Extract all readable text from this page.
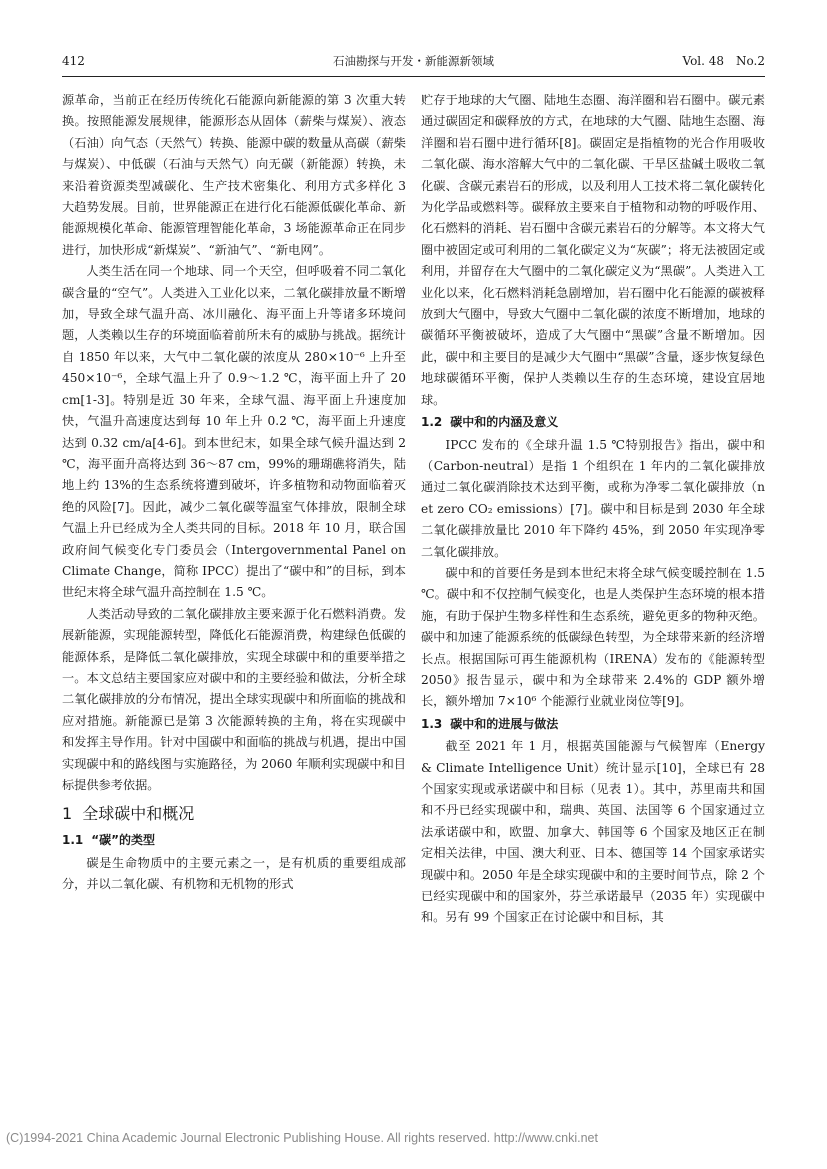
412	石油勘探与开发・新能源新领域	Vol. 48　No.2

源革命，当前正在经历传统化石能源向新能源的第 3 次重大转换。按照能源发展规律，能源形态从固体（薪柴与煤炭）、液态（石油）向气态（天然气）转换、能源中碳的数量从高碳（薪柴与煤炭）、中低碳（石油与天然气）向无碳（新能源）转换，未来沿着资源类型减碳化、生产技术密集化、利用方式多样化 3 大趋势发展。目前，世界能源正在进行化石能源低碳化革命、新能源规模化革命、能源管理智能化革命，3 场能源革命正在同步进行，加快形成“新煤炭”、“新油气”、“新电网”。

人类生活在同一个地球、同一个天空，但呼吸着不同二氧化碳含量的“空气”。人类进入工业化以来，二氧化碳排放量不断增加，导致全球气温升高、冰川融化、海平面上升等诸多环境问题，人类赖以生存的环境面临着前所未有的威胁与挑战。据统计自 1850 年以来，大气中二氧化碳的浓度从 280×10⁻⁶ 上升至 450×10⁻⁶，全球气温上升了 0.9～1.2 ℃，海平面上升了 20 cm[1-3]。特别是近 30 年来，全球气温、海平面上升速度加快，气温升高速度达到每 10 年上升 0.2 ℃，海平面上升速度达到 0.32 cm/a[4-6]。到本世纪末，如果全球气候升温达到 2 ℃，海平面升高将达到 36～87 cm，99%的珊瑚礁将消失，陆地上约 13%的生态系统将遭到破坏，许多植物和动物面临着灭绝的风险[7]。因此，减少二氧化碳等温室气体排放，限制全球气温上升已经成为全人类共同的目标。2018 年 10 月，联合国政府间气候变化专门委员会（Intergovernmental Panel on Climate Change，简称 IPCC）提出了“碳中和”的目标，到本世纪末将全球气温升高控制在 1.5 ℃。

人类活动导致的二氧化碳排放主要来源于化石燃料消费。发展新能源，实现能源转型，降低化石能源消费，构建绿色低碳的能源体系，是降低二氧化碳排放，实现全球碳中和的重要举措之一。本文总结主要国家应对碳中和的主要经验和做法，分析全球二氧化碳排放的分布情况，提出全球实现碳中和所面临的挑战和应对措施。新能源已是第 3 次能源转换的主角，将在实现碳中和发挥主导作用。针对中国碳中和面临的挑战与机遇，提出中国实现碳中和的路线图与实施路径，为 2060 年顺利实现碳中和目标提供参考依据。

1 全球碳中和概况
1.1 “碳”的类型

碳是生命物质中的主要元素之一，是有机质的重要组成部分，并以二氧化碳、有机物和无机物的形式

贮存于地球的大气圈、陆地生态圈、海洋圈和岩石圈中。碳元素通过碳固定和碳释放的方式，在地球的大气圈、陆地生态圈、海洋圈和岩石圈中进行循环[8]。碳固定是指植物的光合作用吸收二氧化碳、海水溶解大气中的二氧化碳、干旱区盐碱土吸收二氧化碳、含碳元素岩石的形成，以及利用人工技术将二氧化碳转化为化学品或燃料等。碳释放主要来自于植物和动物的呼吸作用、化石燃料的消耗、岩石圈中含碳元素岩石的分解等。本文将大气圈中被固定或可利用的二氧化碳定义为“灰碳”；将无法被固定或利用，并留存在大气圈中的二氧化碳定义为“黑碳”。人类进入工业化以来，化石燃料消耗急剧增加，岩石圈中化石能源的碳被释放到大气圈中，导致大气圈中二氧化碳的浓度不断增加，地球的碳循环平衡被破坏，造成了大气圈中“黑碳”含量不断增加。因此，碳中和主要目的是减少大气圈中“黑碳”含量，逐步恢复绿色地球碳循环平衡，保护人类赖以生存的生态环境，建设宜居地球。

1.2 碳中和的内涵及意义

IPCC 发布的《全球升温 1.5 ℃特别报告》指出，碳中和（Carbon-neutral）是指 1 个组织在 1 年内的二氧化碳排放通过二氧化碳消除技术达到平衡，或称为净零二氧化碳排放（net zero CO₂ emissions）[7]。碳中和目标是到 2030 年全球二氧化碳排放量比 2010 年下降约 45%，到 2050 年实现净零二氧化碳排放。

碳中和的首要任务是到本世纪末将全球气候变暖控制在 1.5 ℃。碳中和不仅控制气候变化，也是人类保护生态环境的根本措施，有助于保护生物多样性和生态系统，避免更多的物种灭绝。碳中和加速了能源系统的低碳绿色转型，为全球带来新的经济增长点。根据国际可再生能源机构（IRENA）发布的《能源转型 2050》报告显示，碳中和为全球带来 2.4%的 GDP 额外增长，额外增加 7×10⁶ 个能源行业就业岗位等[9]。

1.3 碳中和的进展与做法

截至 2021 年 1 月，根据英国能源与气候智库（Energy & Climate Intelligence Unit）统计显示[10]，全球已有 28 个国家实现或承诺碳中和目标（见表 1）。其中，苏里南共和国和不丹已经实现碳中和，瑞典、英国、法国等 6 个国家通过立法承诺碳中和，欧盟、加拿大、韩国等 6 个国家及地区正在制定相关法律，中国、澳大利亚、日本、德国等 14 个国家承诺实现碳中和。2050 年是全球实现碳中和的主要时间节点，除 2 个已经实现碳中和的国家外，芬兰承诺最早（2035 年）实现碳中和。另有 99 个国家正在讨论碳中和目标，其

(C)1994-2021 China Academic Journal Electronic Publishing House. All rights reserved. http://www.cnki.net
